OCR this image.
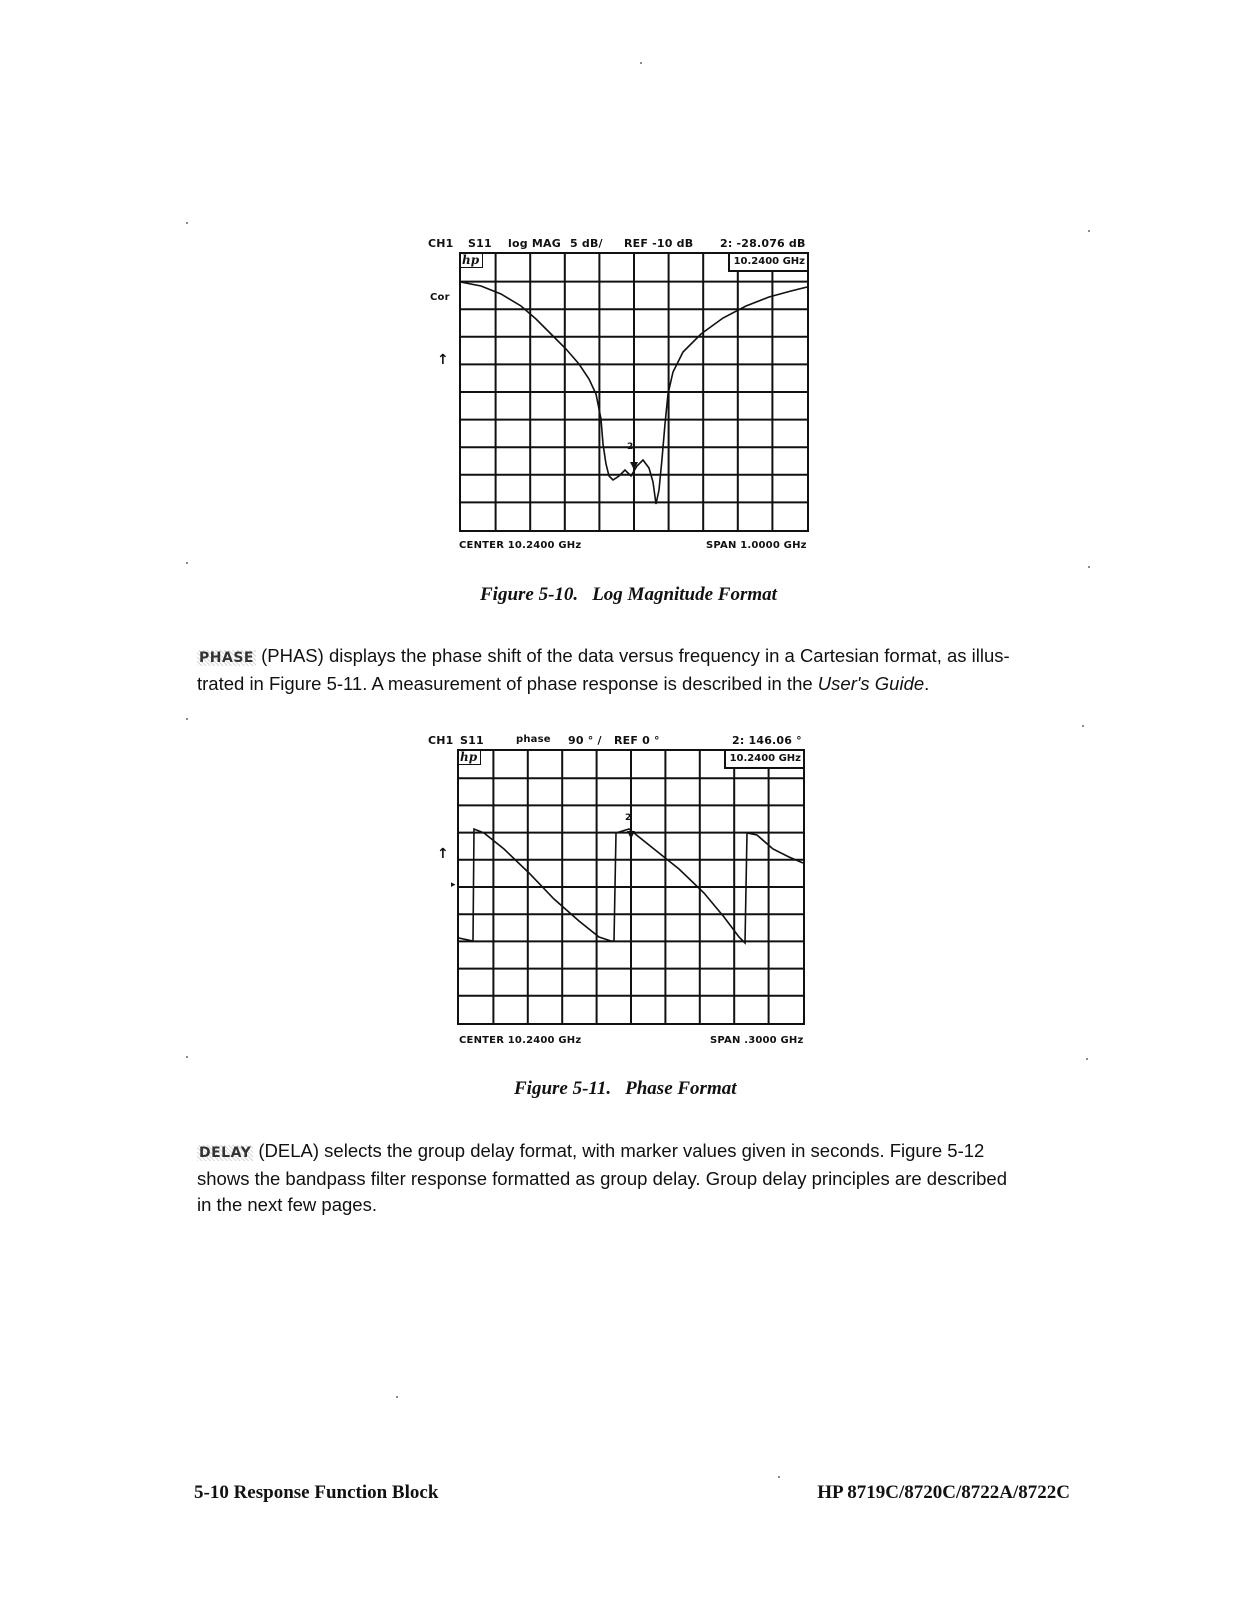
CH1 S11 log MAG 5 dB/ REF -10 dB 2: -28.076 dB
Cor
↑
2
hp	10.2400 GHz
CENTER 10.2400 GHz	SPAN 1.0000 GHz
Figure 5-10. Log Magnitude Format

PHASE (PHAS) displays the phase shift of the data versus frequency in a Cartesian format, as illus-

trated in Figure 5-11. A measurement of phase response is described in the User's Guide.

CH1 S11	phase 90 ° / REF 0 °	2: 146.06 °
↑
▸
2
hp	10.2400 GHz
CENTER 10.2400 GHz	SPAN .3000 GHz
Figure 5-11. Phase Format

DELAY (DELA) selects the group delay format, with marker values given in seconds. Figure 5-12

shows the bandpass filter response formatted as group delay. Group delay principles are described

in the next few pages.

5-10 Response Function Block	HP 8719C/8720C/8722A/8722C
